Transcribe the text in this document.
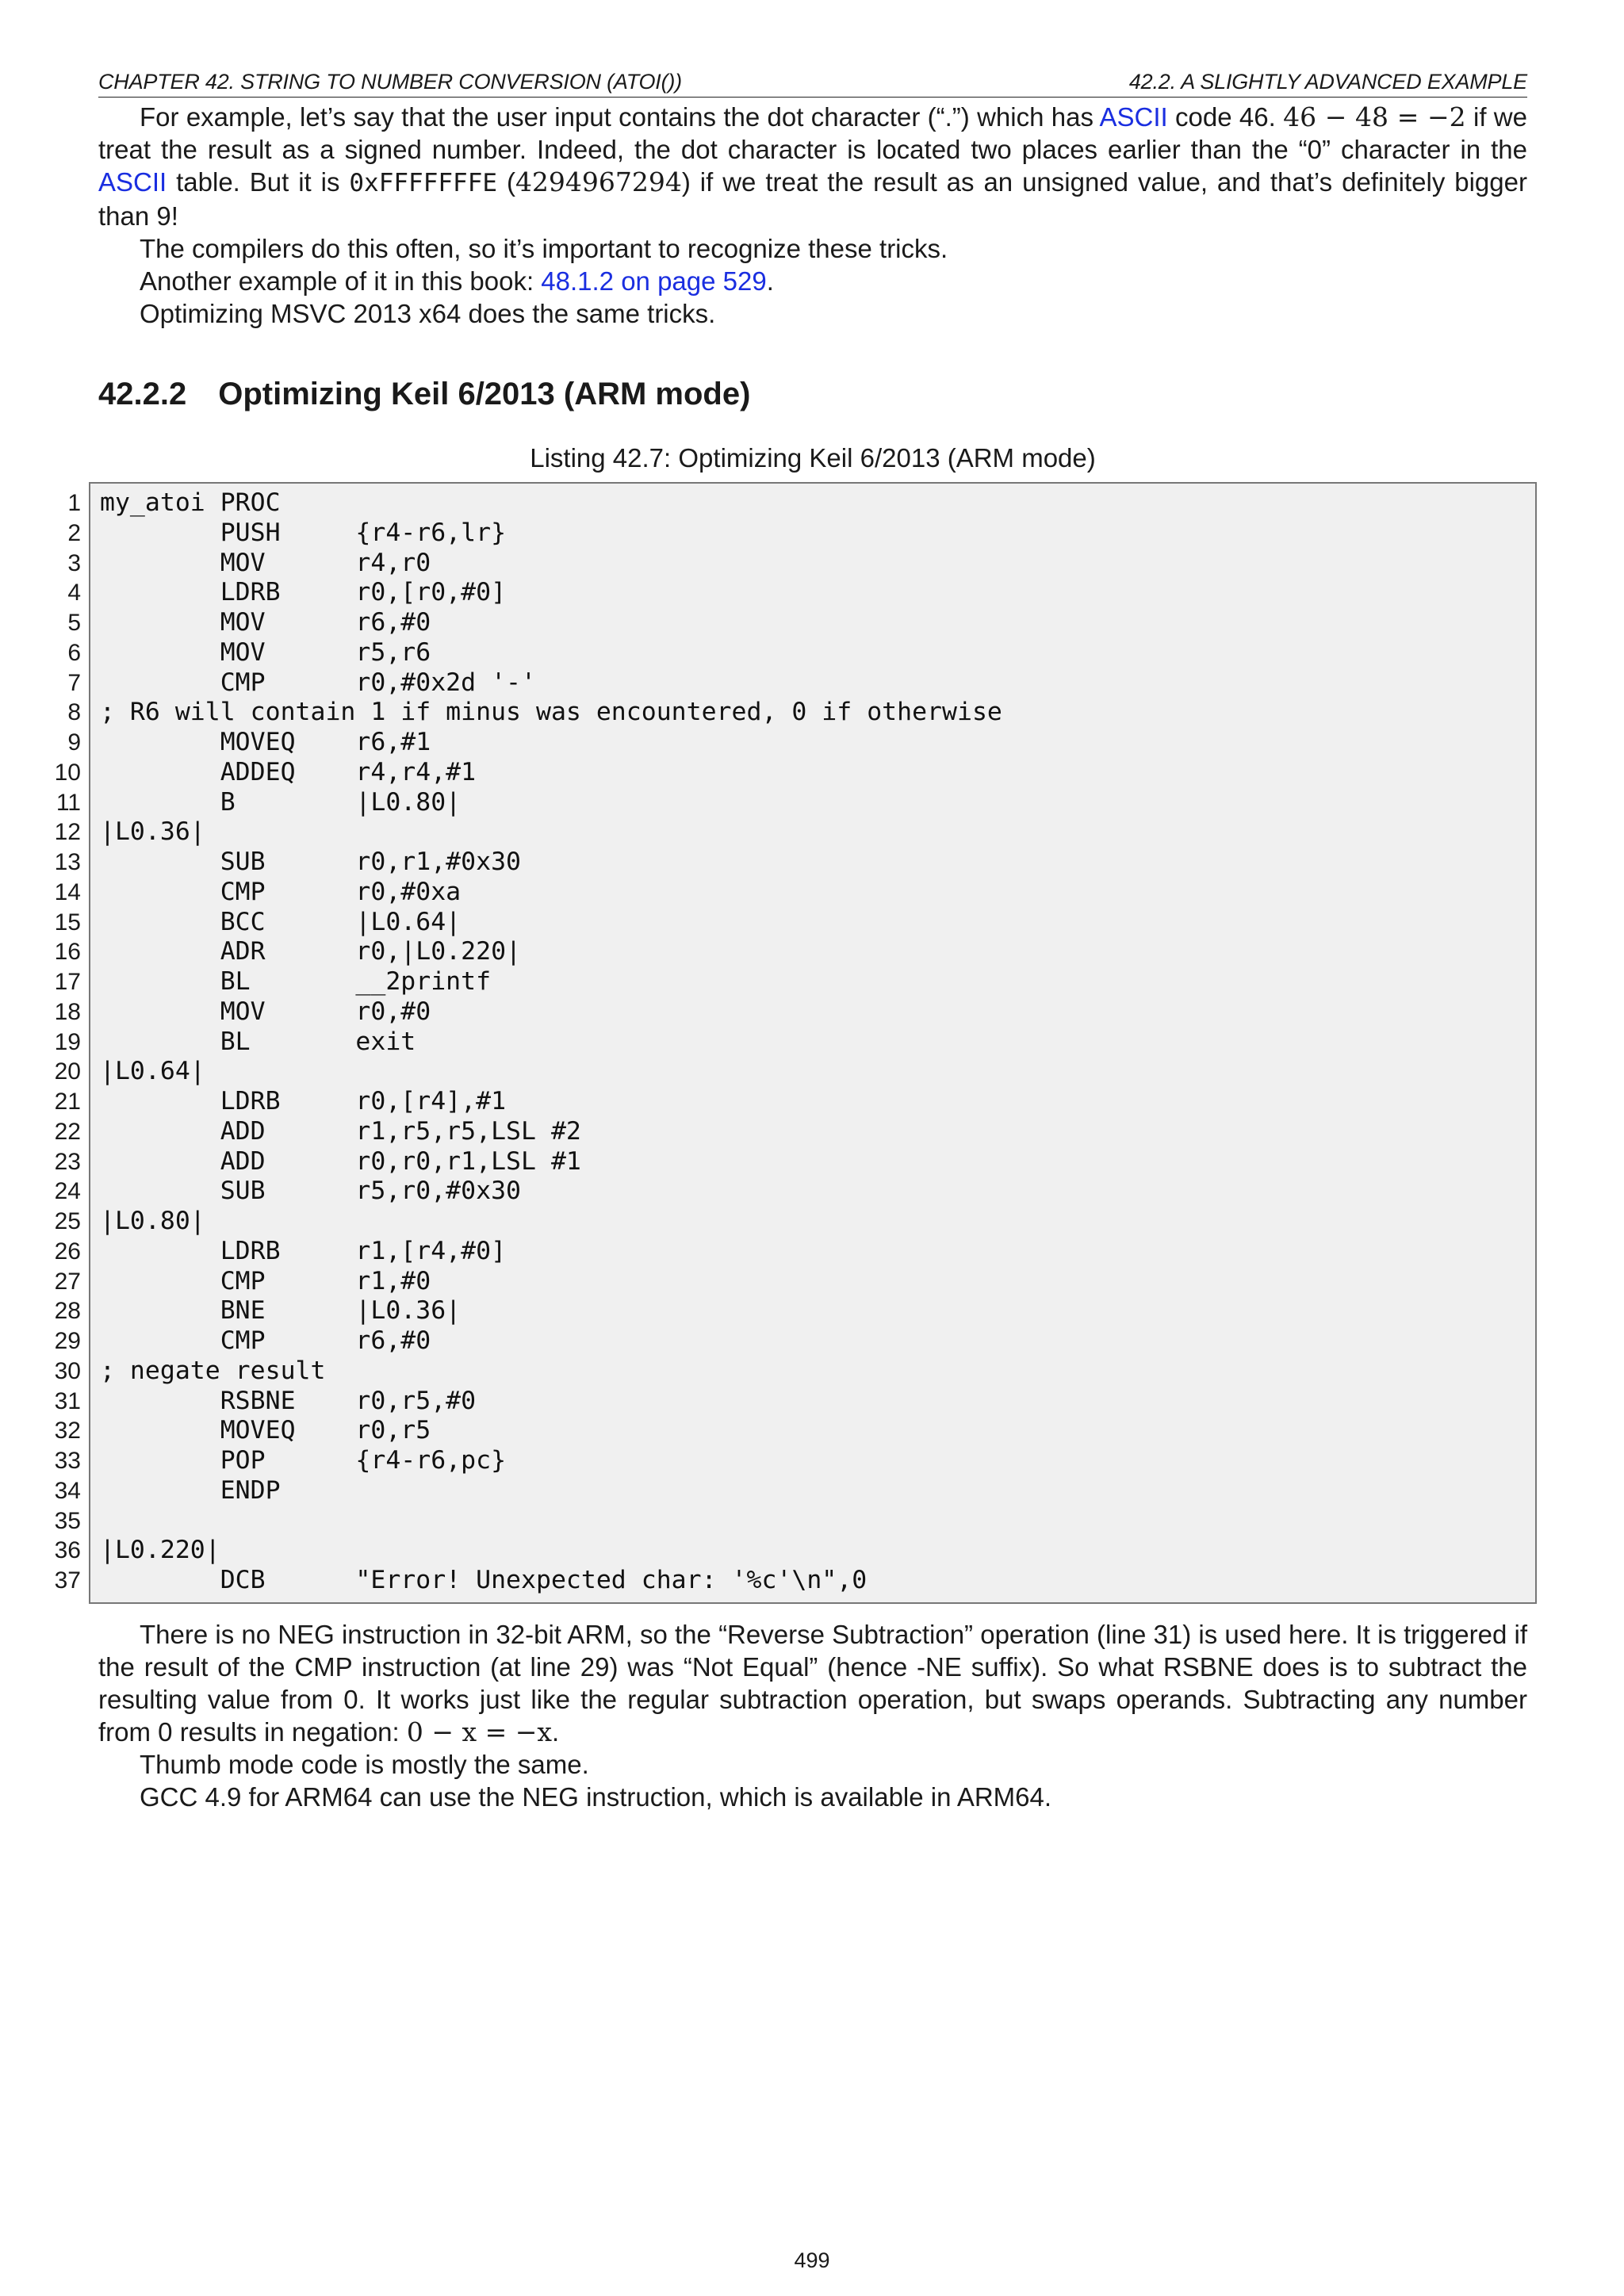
CHAPTER 42. STRING TO NUMBER CONVERSION (ATOI())	42.2. A SLIGHTLY ADVANCED EXAMPLE

For example, let’s say that the user input contains the dot character (“.”) which has ASCII code 46. 46 − 48 = −2 if we treat the result as a signed number. Indeed, the dot character is located two places earlier than the “0” character in the ASCII table. But it is 0xFFFFFFFE (4294967294) if we treat the result as an unsigned value, and that’s definitely bigger than 9!

The compilers do this often, so it’s important to recognize these tricks.

Another example of it in this book: 48.1.2 on page 529.

Optimizing MSVC 2013 x64 does the same tricks.

42.2.2 Optimizing Keil 6/2013 (ARM mode)
Listing 42.7: Optimizing Keil 6/2013 (ARM mode)
1 my_atoi PROC
2 PUSH     {r4-r6,lr}
3 MOV      r4,r0
4 LDRB     r0,[r0,#0]
5 MOV      r6,#0
6 MOV      r5,r6
7 CMP      r0,#0x2d '-'
8 ; R6 will contain 1 if minus was encountered, 0 if otherwise
9 MOVEQ    r6,#1
10 ADDEQ    r4,r4,#1
11 B        |L0.80|
12 |L0.36|
13 SUB      r0,r1,#0x30
14 CMP      r0,#0xa
15 BCC      |L0.64|
16 ADR      r0,|L0.220|
17 BL       __2printf
18 MOV      r0,#0
19 BL       exit
20 |L0.64|
21 LDRB     r0,[r4],#1
22 ADD      r1,r5,r5,LSL #2
23 ADD      r0,r0,r1,LSL #1
24 SUB      r5,r0,#0x30
25 |L0.80|
26 LDRB     r1,[r4,#0]
27 CMP      r1,#0
28 BNE      |L0.36|
29 CMP      r6,#0
30 ; negate result
31 RSBNE    r0,r5,#0
32 MOVEQ    r0,r5
33 POP      {r4-r6,pc}
34 ENDP
35
36 |L0.220|
37 DCB      "Error! Unexpected char: '%c'\n",0

There is no NEG instruction in 32-bit ARM, so the “Reverse Subtraction” operation (line 31) is used here. It is triggered if the result of the CMP instruction (at line 29) was “Not Equal” (hence -NE suffix). So what RSBNE does is to subtract the resulting value from 0. It works just like the regular subtraction operation, but swaps operands. Subtracting any number from 0 results in negation: 0 − x = −x.

Thumb mode code is mostly the same.

GCC 4.9 for ARM64 can use the NEG instruction, which is available in ARM64.

499
